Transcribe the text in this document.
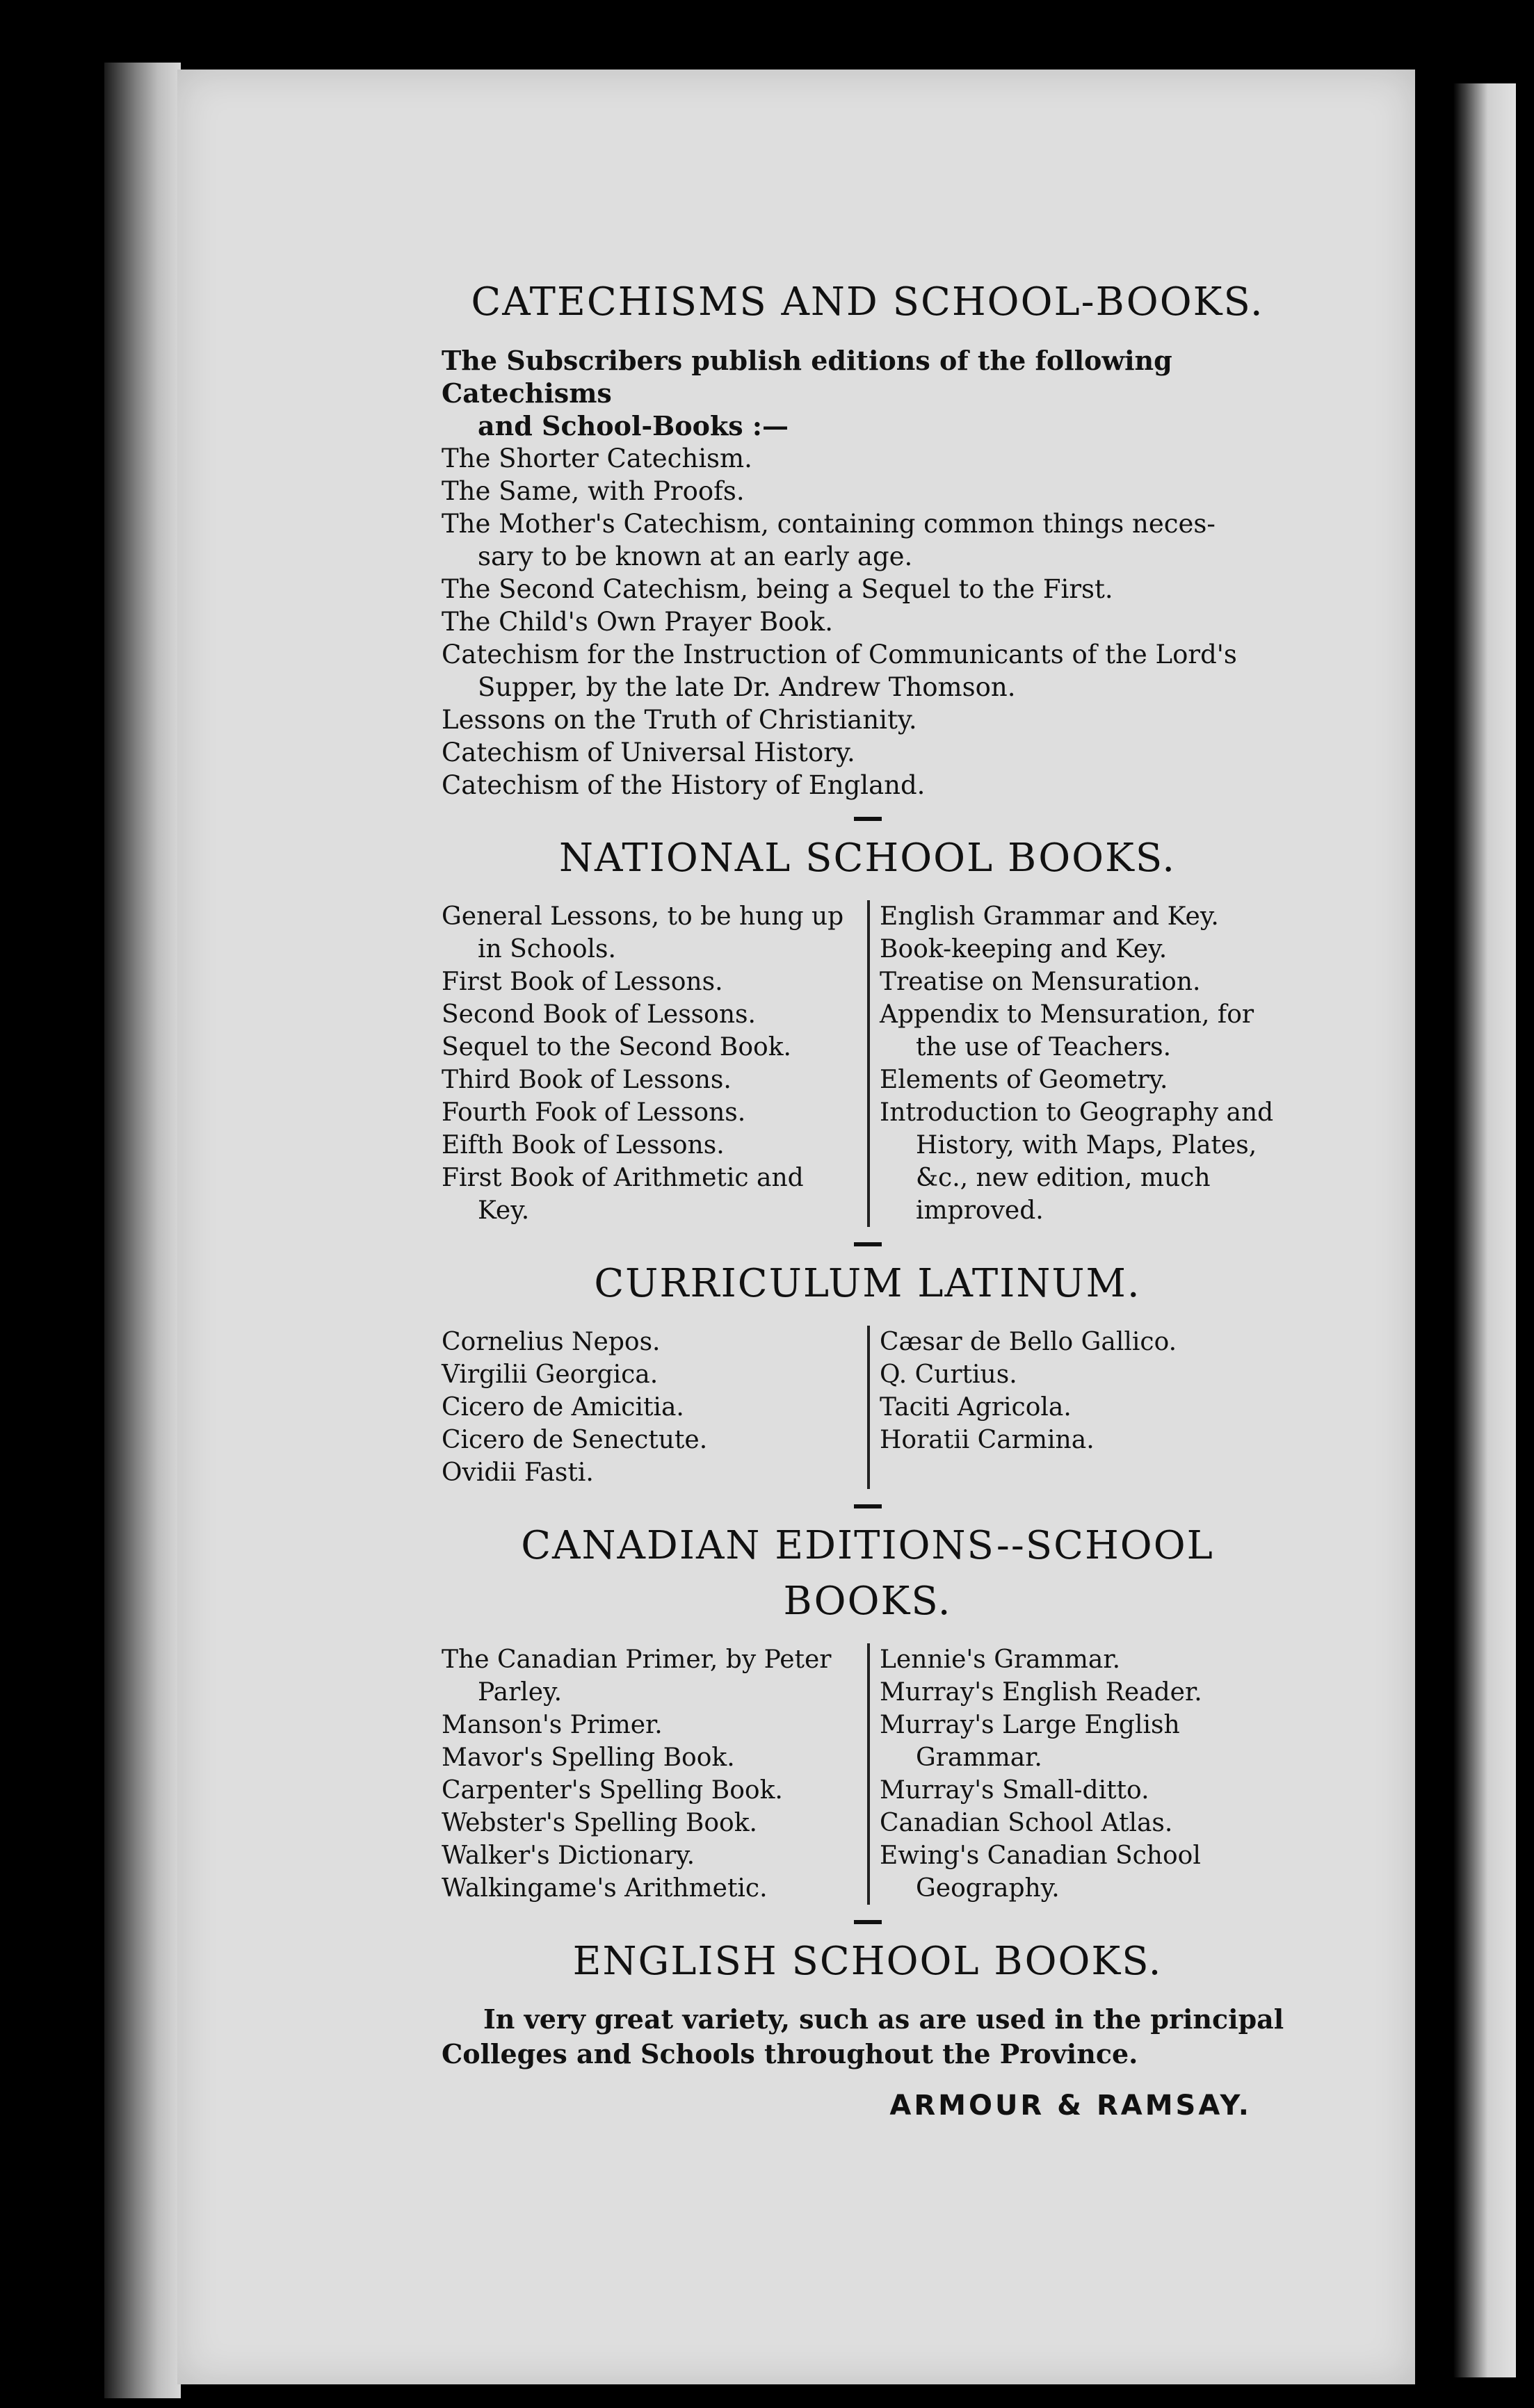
CATECHISMS AND SCHOOL-BOOKS.
The Subscribers publish editions of the following Catechisms
and School-Books :—
The Shorter Catechism.
The Same, with Proofs.
The Mother's Catechism, containing common things neces-
sary to be known at an early age.
The Second Catechism, being a Sequel to the First.
The Child's Own Prayer Book.
Catechism for the Instruction of Communicants of the Lord's
Supper, by the late Dr. Andrew Thomson.
Lessons on the Truth of Christianity.
Catechism of Universal History.
Catechism of the History of England.
NATIONAL SCHOOL BOOKS.
General Lessons, to be hung up in Schools.
First Book of Lessons.
Second Book of Lessons.
Sequel to the Second Book.
Third Book of Lessons.
Fourth Fook of Lessons.
Eifth Book of Lessons.
First Book of Arithmetic and Key.
English Grammar and Key.
Book-keeping and Key.
Treatise on Mensuration.
Appendix to Mensuration, for the use of Teachers.
Elements of Geometry.
Introduction to Geography and History, with Maps, Plates, &c., new edition, much improved.
CURRICULUM LATINUM.
Cornelius Nepos.
Virgilii Georgica.
Cicero de Amicitia.
Cicero de Senectute.
Ovidii Fasti.
Cæsar de Bello Gallico.
Q. Curtius.
Taciti Agricola.
Horatii Carmina.
CANADIAN EDITIONS--SCHOOL BOOKS.
The Canadian Primer, by Peter Parley.
Manson's Primer.
Mavor's Spelling Book.
Carpenter's Spelling Book.
Webster's Spelling Book.
Walker's Dictionary.
Walkingame's Arithmetic.
Lennie's Grammar.
Murray's English Reader.
Murray's Large English Grammar.
Murray's Small-ditto.
Canadian School Atlas.
Ewing's Canadian School Geography.
ENGLISH SCHOOL BOOKS.
In very great variety, such as are used in the principal Colleges and Schools throughout the Province.
ARMOUR & RAMSAY.
